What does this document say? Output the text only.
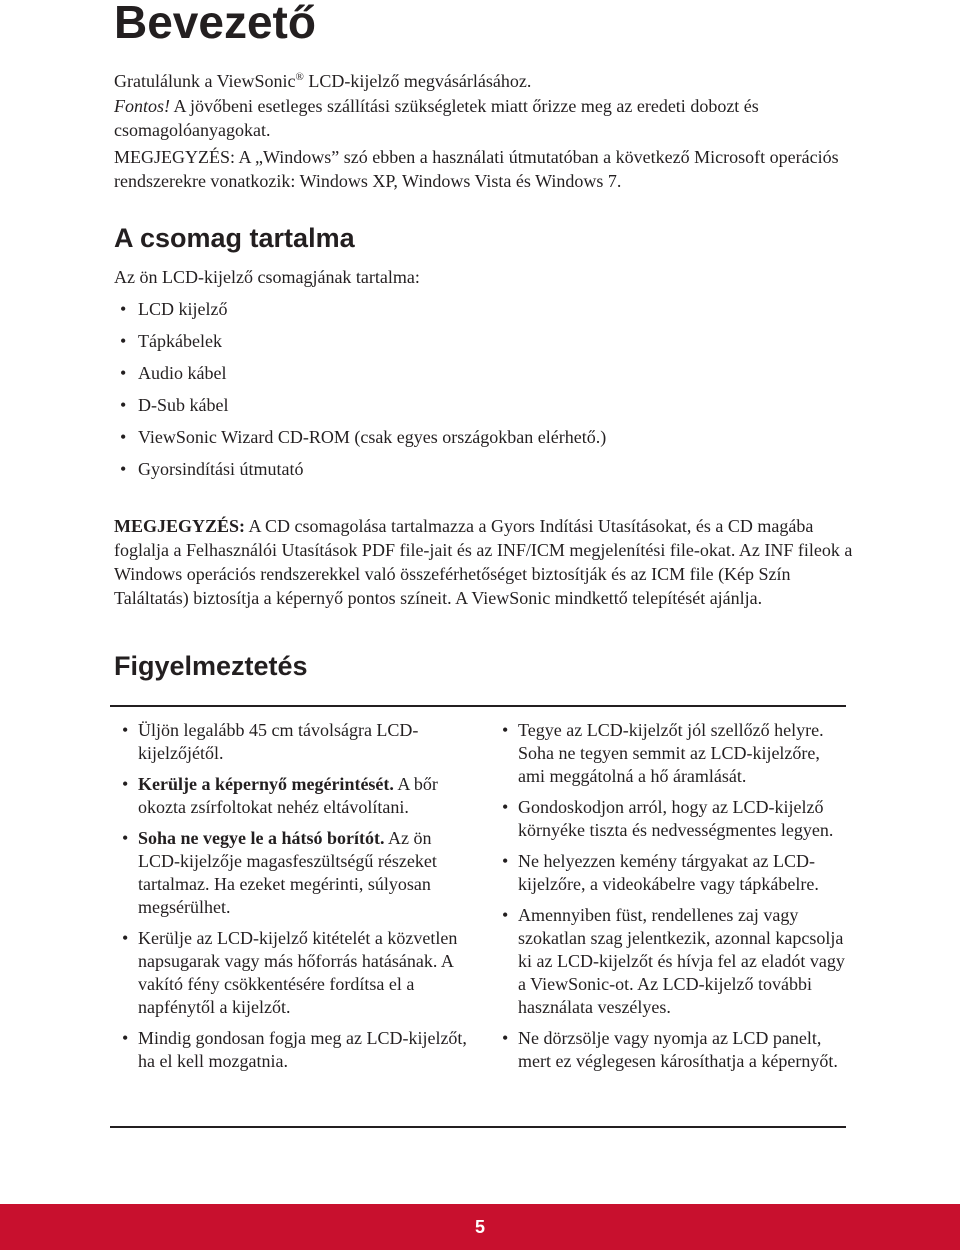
Bevezető

Gratulálunk a ViewSonic® LCD-kijelző megvásárlásához.

Fontos! A jövőbeni esetleges szállítási szükségletek miatt őrizze meg az eredeti dobozt és csomagolóanyagokat.

MEGJEGYZÉS: A „Windows” szó ebben a használati útmutatóban a következő Microsoft operációs rendszerekre vonatkozik: Windows XP, Windows Vista és Windows 7.

A csomag tartalma

Az ön LCD-kijelző csomagjának tartalma:

• LCD kijelző
• Tápkábelek
• Audio kábel
• D-Sub kábel
• ViewSonic Wizard CD-ROM (csak egyes országokban elérhető.)
• Gyorsindítási útmutató

MEGJEGYZÉS: A CD csomagolása tartalmazza a Gyors Indítási Utasításokat, és a CD magába foglalja a Felhasználói Utasítások PDF file-jait és az INF/ICM megjelenítési file-okat. Az INF fileok a Windows operációs rendszerekkel való összeférhetőséget biztosítják és az ICM file (Kép Szín Találtatás) biztosítja a képernyő pontos színeit. A ViewSonic mindkettő telepítését ajánlja.

Figyelmeztetés
• Üljön legalább 45 cm távolságra LCD-kijelzőjétől.
• Kerülje a képernyő megérintését. A bőr okozta zsírfoltokat nehéz eltávolítani.
• Soha ne vegye le a hátsó borítót. Az ön LCD-kijelzője magasfeszültségű részeket tartalmaz. Ha ezeket megérinti, súlyosan megsérülhet.
• Kerülje az LCD-kijelző kitételét a közvetlen napsugarak vagy más hőforrás hatásának. A vakító fény csökkentésére fordítsa el a napfénytől a kijelzőt.
• Mindig gondosan fogja meg az LCD-kijelzőt, ha el kell mozgatnia.
• Tegye az LCD-kijelzőt jól szellőző helyre. Soha ne tegyen semmit az LCD-kijelzőre, ami meggátolná a hő áramlását.
• Gondoskodjon arról, hogy az LCD-kijelző környéke tiszta és nedvességmentes legyen.
• Ne helyezzen kemény tárgyakat az LCD-kijelzőre, a videokábelre vagy tápkábelre.
• Amennyiben füst, rendellenes zaj vagy szokatlan szag jelentkezik, azonnal kapcsolja ki az LCD-kijelzőt és hívja fel az eladót vagy a ViewSonic-ot. Az LCD-kijelző további használata veszélyes.
• Ne dörzsölje vagy nyomja az LCD panelt, mert ez véglegesen károsíthatja a képernyőt.
5
